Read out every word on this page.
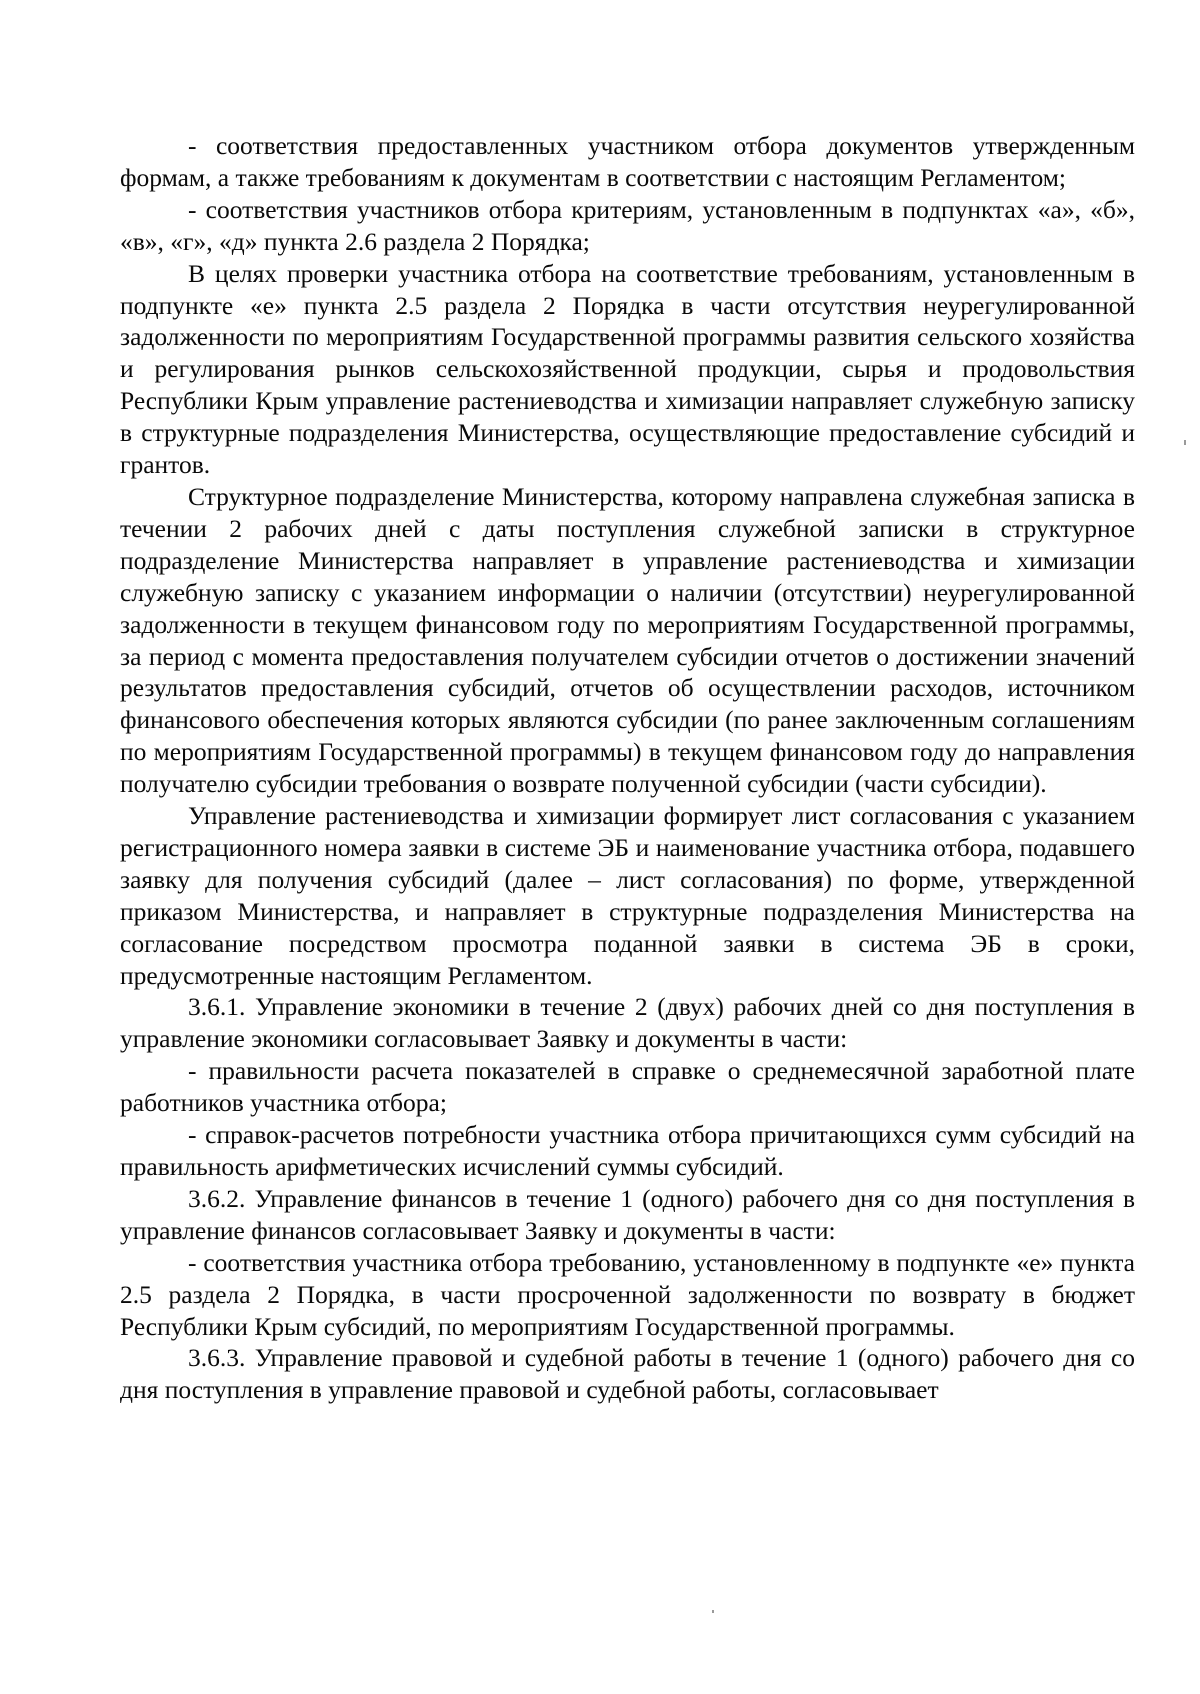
- соответствия предоставленных участником отбора документов утвержденным формам, а также требованиям к документам в соответствии с настоящим Регламентом;

- соответствия участников отбора критериям, установленным в подпунктах «а», «б», «в», «г», «д» пункта 2.6 раздела 2 Порядка;

В целях проверки участника отбора на соответствие требованиям, установленным в подпункте «е» пункта 2.5 раздела 2 Порядка в части отсутствия неурегулированной задолженности по мероприятиям Государственной программы развития сельского хозяйства и регулирования рынков сельскохозяйственной продукции, сырья и продовольствия Республики Крым управление растениеводства и химизации направляет служебную записку в структурные подразделения Министерства, осуществляющие предоставление субсидий и грантов.

Структурное подразделение Министерства, которому направлена служебная записка в течении 2 рабочих дней с даты поступления служебной записки в структурное подразделение Министерства направляет в управление растениеводства и химизации служебную записку с указанием информации о наличии (отсутствии) неурегулированной задолженности в текущем финансовом году по мероприятиям Государственной программы, за период с момента предоставления получателем субсидии отчетов о достижении значений результатов предоставления субсидий, отчетов об осуществлении расходов, источником финансового обеспечения которых являются субсидии (по ранее заключенным соглашениям по мероприятиям Государственной программы) в текущем финансовом году до направления получателю субсидии требования о возврате полученной субсидии (части субсидии).

Управление растениеводства и химизации формирует лист согласования с указанием регистрационного номера заявки в системе ЭБ и наименование участника отбора, подавшего заявку для получения субсидий (далее – лист согласования) по форме, утвержденной приказом Министерства, и направляет в структурные подразделения Министерства на согласование посредством просмотра поданной заявки в система ЭБ в сроки, предусмотренные настоящим Регламентом.

3.6.1. Управление экономики в течение 2 (двух) рабочих дней со дня поступления в управление экономики согласовывает Заявку и документы в части:

- правильности расчета показателей в справке о среднемесячной заработной плате работников участника отбора;

- справок-расчетов потребности участника отбора причитающихся сумм субсидий на правильность арифметических исчислений суммы субсидий.

3.6.2. Управление финансов в течение 1 (одного) рабочего дня со дня поступления в управление финансов согласовывает Заявку и документы в части:

- соответствия участника отбора требованию, установленному в подпункте «е» пункта 2.5 раздела 2 Порядка, в части просроченной задолженности по возврату в бюджет Республики Крым субсидий, по мероприятиям Государственной программы.

3.6.3. Управление правовой и судебной работы в течение 1 (одного) рабочего дня со дня поступления в управление правовой и судебной работы, согласовывает
